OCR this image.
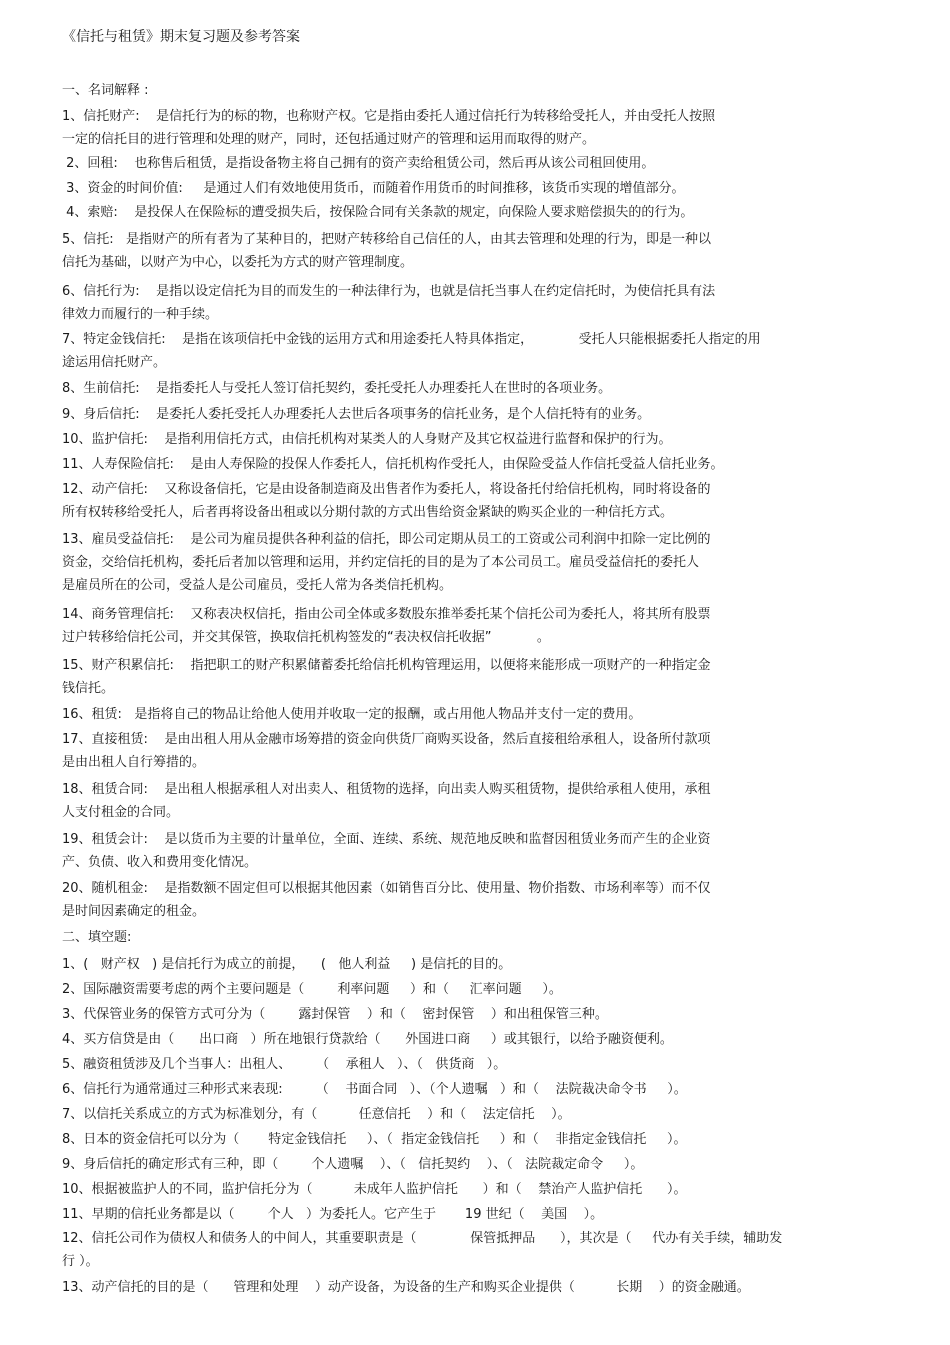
《信托与租赁》期末复习题及参考答案
一、名词解释 :
1、信托财产:    是信托行为的标的物，也称财产权。它是指由委托人通过信托行为转移给受托人，并由受托人按照
一定的信托目的进行管理和处理的财产，同时，还包括通过财产的管理和运用而取得的财产。
2、回租:    也称售后租赁，是指设备物主将自己拥有的资产卖给租赁公司，然后再从该公司租回使用。
3、资金的时间价值:     是通过人们有效地使用货币，而随着作用货币的时间推移，该货币实现的增值部分。
4、索赔:    是投保人在保险标的遭受损失后，按保险合同有关条款的规定，向保险人要求赔偿损失的的行为。
5、信托:   是指财产的所有者为了某种目的，把财产转移给自己信任的人，由其去管理和处理的行为，即是一种以
信托为基础，以财产为中心，以委托为方式的财产管理制度。
6、信托行为:    是指以设定信托为目的而发生的一种法律行为，也就是信托当事人在约定信托时，为使信托具有法
律效力而履行的一种手续。
7、特定金钱信托:    是指在该项信托中金钱的运用方式和用途委托人特具体指定，           受托人只能根据委托人指定的用
途运用信托财产。
8、生前信托:    是指委托人与受托人签订信托契约，委托受托人办理委托人在世时的各项业务。
9、身后信托:    是委托人委托受托人办理委托人去世后各项事务的信托业务，是个人信托特有的业务。
10、监护信托:    是指利用信托方式，由信托机构对某类人的人身财产及其它权益进行监督和保护的行为。
11、人寿保险信托:    是由人寿保险的投保人作委托人，信托机构作受托人，由保险受益人作信托受益人信托业务。
12、动产信托:    又称设备信托，它是由设备制造商及出售者作为委托人，将设备托付给信托机构，同时将设备的
所有权转移给受托人，后者再将设备出租或以分期付款的方式出售给资金紧缺的购买企业的一种信托方式。
13、雇员受益信托:    是公司为雇员提供各种利益的信托，即公司定期从员工的工资或公司利润中扣除一定比例的
资金，交给信托机构，委托后者加以管理和运用，并约定信托的目的是为了本公司员工。雇员受益信托的委托人
是雇员所在的公司，受益人是公司雇员，受托人常为各类信托机构。
14、商务管理信托:    又称表决权信托，指由公司全体或多数股东推举委托某个信托公司为委托人，将其所有股票
过户转移给信托公司，并交其保管，换取信托机构签发的“表决权信托收据”           。
15、财产积累信托:    指把职工的财产积累储蓄委托给信托机构管理运用，以便将来能形成一项财产的一种指定金
钱信托。
16、租赁:   是指将自己的物品让给他人使用并收取一定的报酬，或占用他人物品并支付一定的费用。
17、直接租赁:    是由出租人用从金融市场筹措的资金向供货厂商购买设备，然后直接租给承租人，设备所付款项
是由出租人自行筹措的。
18、租赁合同:    是出租人根据承租人对出卖人、租赁物的选择，向出卖人购买租赁物，提供给承租人使用，承租
人支付租金的合同。
19、租赁会计:    是以货币为主要的计量单位，全面、连续、系统、规范地反映和监督因租赁业务而产生的企业资
产、负债、收入和费用变化情况。
20、随机租金:    是指数额不固定但可以根据其他因素（如销售百分比、使用量、物价指数、市场利率等）而不仅
是时间因素确定的租金。
二、填空题:
1、(   财产权   ) 是信托行为成立的前提，    (   他人利益     ) 是信托的目的。
2、国际融资需要考虑的两个主要问题是（        利率问题     ）和（     汇率问题     ）。
3、代保管业务的保管方式可分为（        露封保管    ）和（    密封保管    ）和出租保管三种。
4、买方信贷是由（      出口商   ）所在地银行贷款给（      外国进口商     ）或其银行，以给予融资便利。
5、融资租赁涉及几个当事人：出租人、      （    承租人   ）、（   供货商   ）。
6、信托行为通常通过三种形式来表现:        （    书面合同   ）、（个人遗嘱   ）和（    法院裁决命令书     ）。
7、以信托关系成立的方式为标准划分，有（          任意信托    ）和（    法定信托    ）。
8、日本的资金信托可以分为（       特定金钱信托     ）、（  指定金钱信托     ）和（    非指定金钱信托     ）。
9、身后信托的确定形式有三种，即（        个人遗嘱    ）、（   信托契约    ）、（   法院裁定命令     ）。
10、根据被监护人的不同，监护信托分为（          未成年人监护信托      ）和（    禁治产人监护信托      ）。
11、早期的信托业务都是以（        个人   ）为委托人。它产生于       19 世纪（    美国    ）。
12、信托公司作为债权人和债务人的中间人，其重要职责是（             保管抵押品      ），其次是（     代办有关手续，辅助发
行 ）。
13、动产信托的目的是（      管理和处理    ）动产设备，为设备的生产和购买企业提供（          长期    ）的资金融通。
